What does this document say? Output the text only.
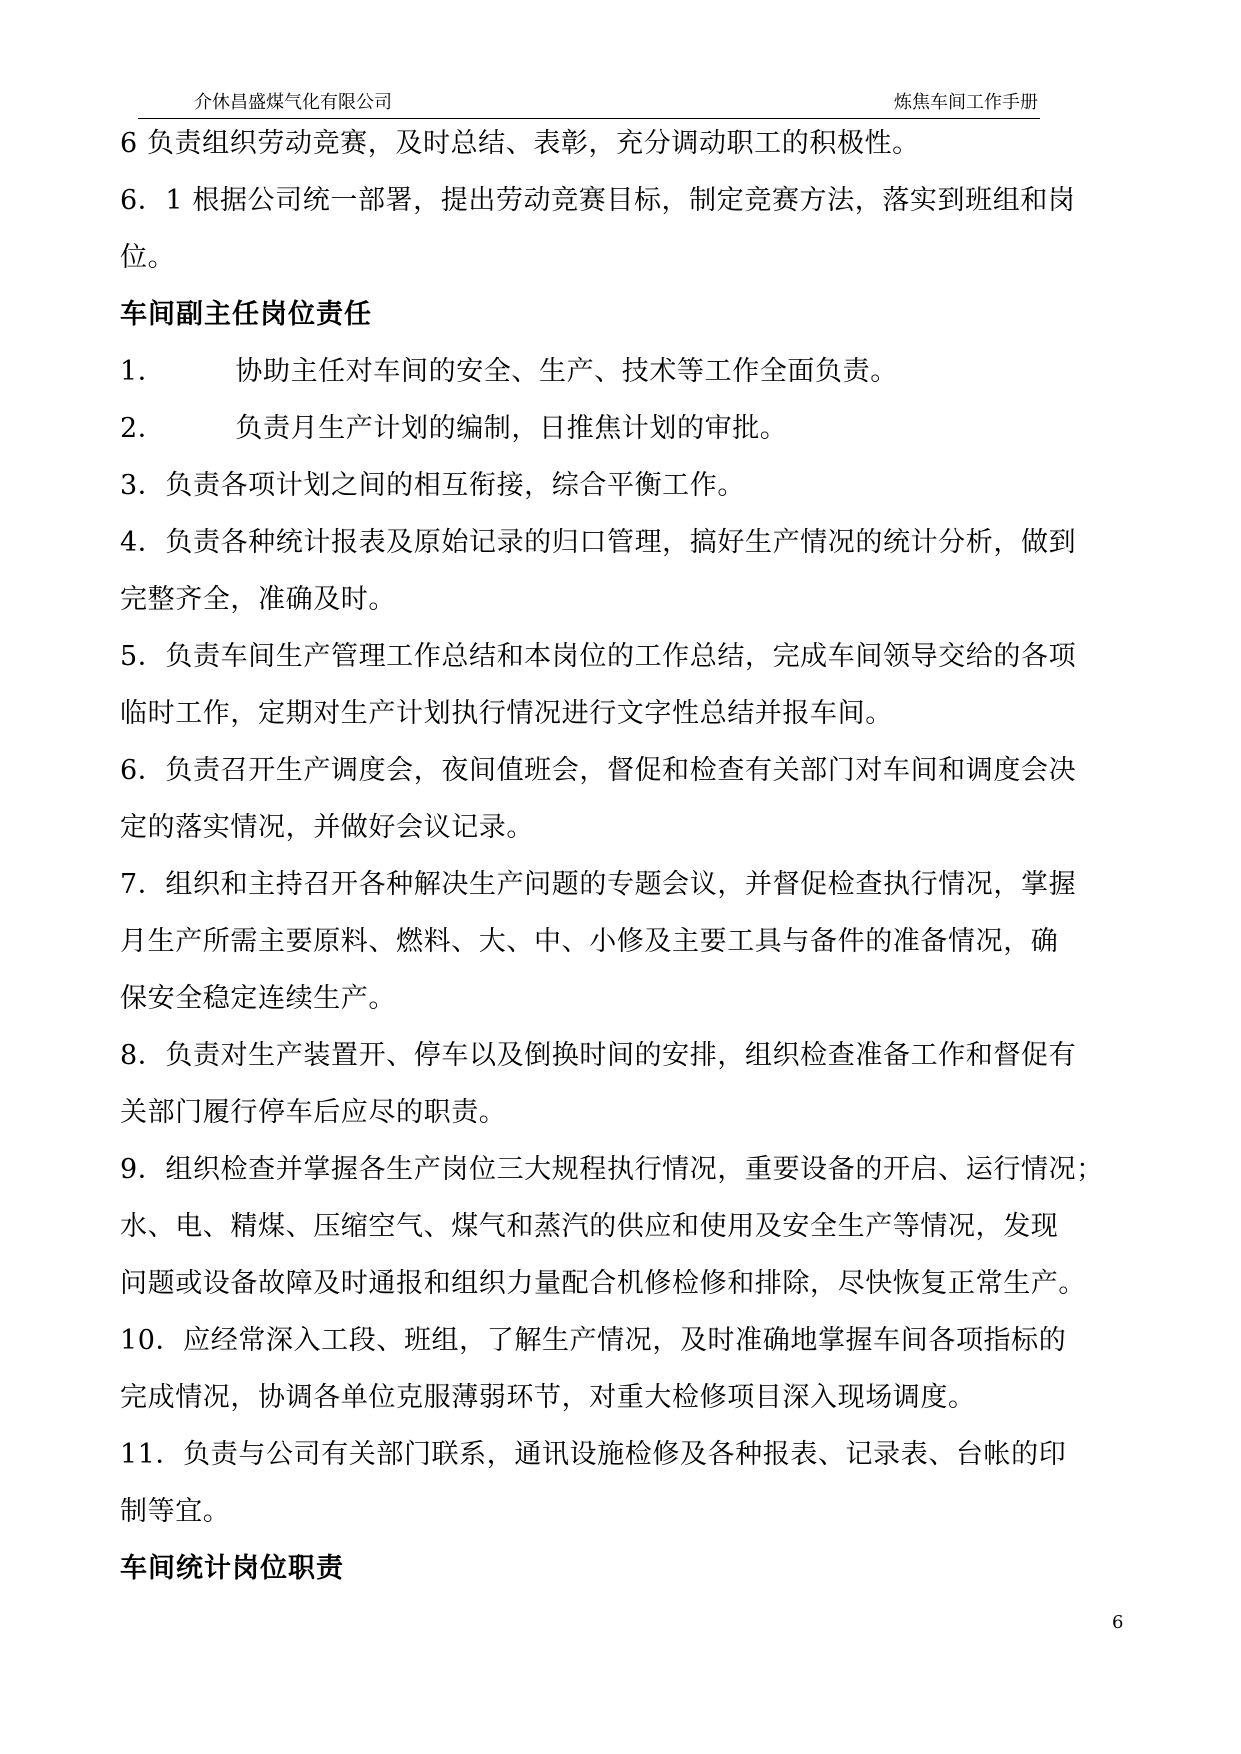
介休昌盛煤气化有限公司	炼焦车间工作手册

6 负责组织劳动竞赛，及时总结、表彰，充分调动职工的积极性。

6．1 根据公司统一部署，提出劳动竞赛目标，制定竞赛方法，落实到班组和岗

位。

车间副主任岗位责任

1．	协助主任对车间的安全、生产、技术等工作全面负责。

2．	负责月生产计划的编制，日推焦计划的审批。

3．负责各项计划之间的相互衔接，综合平衡工作。

4．负责各种统计报表及原始记录的归口管理，搞好生产情况的统计分析，做到

完整齐全，准确及时。

5．负责车间生产管理工作总结和本岗位的工作总结，完成车间领导交给的各项

临时工作，定期对生产计划执行情况进行文字性总结并报车间。

6．负责召开生产调度会，夜间值班会，督促和检查有关部门对车间和调度会决

定的落实情况，并做好会议记录。

7．组织和主持召开各种解决生产问题的专题会议，并督促检查执行情况，掌握

月生产所需主要原料、燃料、大、中、小修及主要工具与备件的准备情况，确

保安全稳定连续生产。

8．负责对生产装置开、停车以及倒换时间的安排，组织检查准备工作和督促有

关部门履行停车后应尽的职责。

9．组织检查并掌握各生产岗位三大规程执行情况，重要设备的开启、运行情况；

水、电、精煤、压缩空气、煤气和蒸汽的供应和使用及安全生产等情况，发现

问题或设备故障及时通报和组织力量配合机修检修和排除，尽快恢复正常生产。

10．应经常深入工段、班组，了解生产情况，及时准确地掌握车间各项指标的

完成情况，协调各单位克服薄弱环节，对重大检修项目深入现场调度。

11．负责与公司有关部门联系，通讯设施检修及各种报表、记录表、台帐的印

制等宜。

车间统计岗位职责

6
